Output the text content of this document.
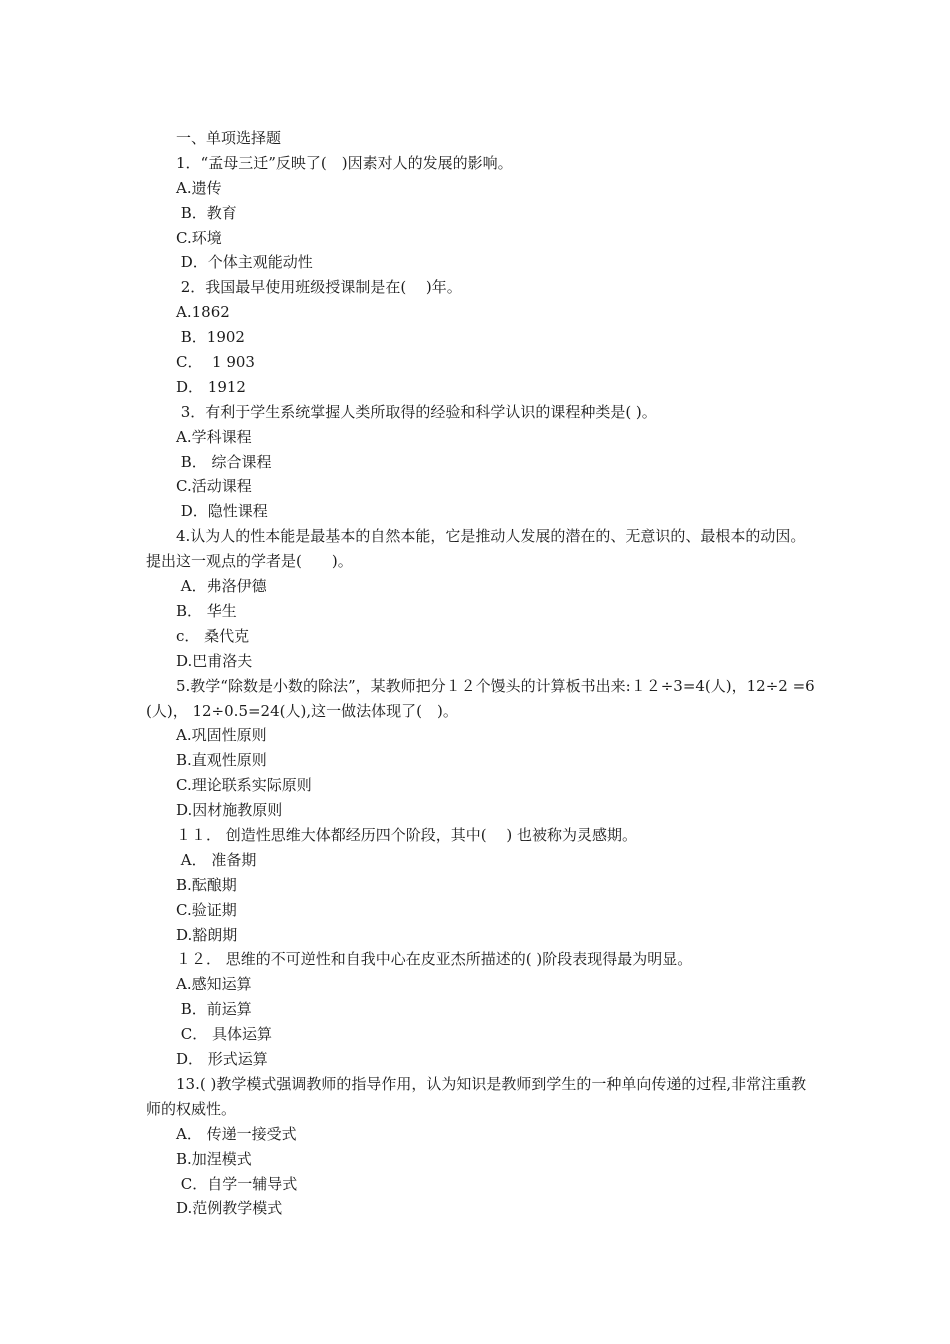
一、单项选择题
1．“孟母三迁”反映了(　)因素对人的发展的影响。
A.遗传
B．教育
C.环境
D．个体主观能动性
2．我国最早使用班级授课制是在(　 )年。
A.1862
B．1902
C．  1 903
D． 1912
3．有利于学生系统掌握人类所取得的经验和科学认识的课程种类是( )。
A.学科课程
B． 综合课程
C.活动课程
D．隐性课程
4.认为人的性本能是最基本的自然本能，它是推动人发展的潜在的、无意识的、最根本的动因。提出这一观点的学者是(　　)。
A．弗洛伊德
B． 华生
c． 桑代克
D.巴甫洛夫
5.教学“除数是小数的除法”，某教师把分１２个馒头的计算板书出来:１２÷3=4(人)，12÷2 =6(人)， 12÷0.5=24(人),这一做法体现了(　)。
A.巩固性原则
B.直观性原则
C.理论联系实际原则
D.因材施教原则
１１． 创造性思维大体都经历四个阶段，其中(　 ) 也被称为灵感期。
A． 准备期
B.酝酿期
C.验证期
D.豁朗期
１２． 思维的不可逆性和自我中心在皮亚杰所描述的( )阶段表现得最为明显。
A.感知运算
B．前运算
C． 具体运算
D． 形式运算
13.( )教学模式强调教师的指导作用，认为知识是教师到学生的一种单向传递的过程,非常注重教师的权威性。
A． 传递一接受式
B.加涅模式
C．自学一辅导式
D.范例教学模式
